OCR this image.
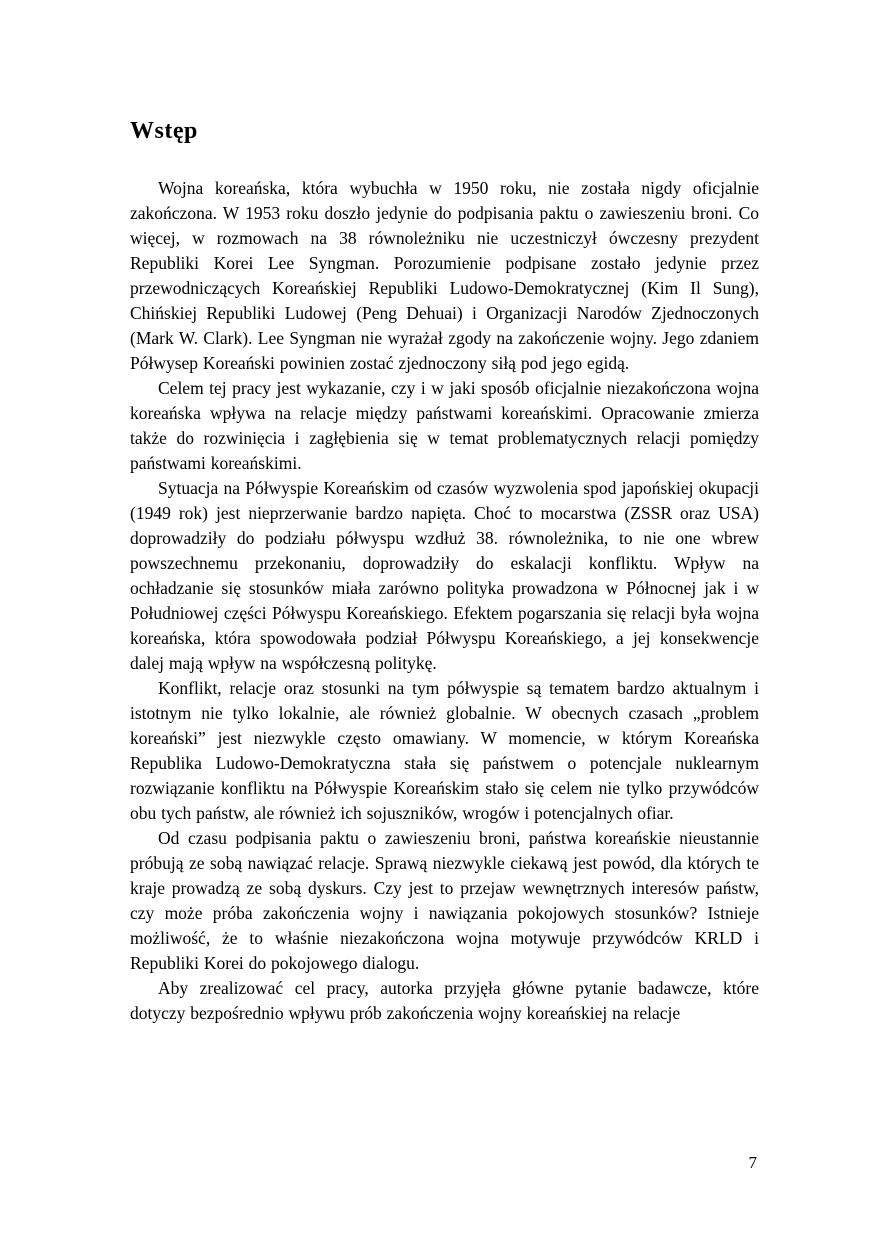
Wstęp

Wojna koreańska, która wybuchła w 1950 roku, nie została nigdy oficjalnie zakończona. W 1953 roku doszło jedynie do podpisania paktu o zawieszeniu broni. Co więcej, w rozmowach na 38 równoleżniku nie uczestniczył ówczesny prezydent Republiki Korei Lee Syngman. Porozumienie podpisane zostało jedynie przez przewodniczących Koreańskiej Republiki Ludowo-Demokratycznej (Kim Il Sung), Chińskiej Republiki Ludowej (Peng Dehuai) i Organizacji Narodów Zjednoczonych (Mark W. Clark). Lee Syngman nie wyrażał zgody na zakończenie wojny. Jego zdaniem Półwysep Koreański powinien zostać zjednoczony siłą pod jego egidą.

Celem tej pracy jest wykazanie, czy i w jaki sposób oficjalnie niezakończona wojna koreańska wpływa na relacje między państwami koreańskimi. Opracowanie zmierza także do rozwinięcia i zagłębienia się w temat problematycznych relacji pomiędzy państwami koreańskimi.

Sytuacja na Półwyspie Koreańskim od czasów wyzwolenia spod japońskiej okupacji (1949 rok) jest nieprzerwanie bardzo napięta. Choć to mocarstwa (ZSSR oraz USA) doprowadziły do podziału półwyspu wzdłuż 38. równoleżnika, to nie one wbrew powszechnemu przekonaniu, doprowadziły do eskalacji konfliktu. Wpływ na ochładzanie się stosunków miała zarówno polityka prowadzona w Północnej jak i w Południowej części Półwyspu Koreańskiego. Efektem pogarszania się relacji była wojna koreańska, która spowodowała podział Półwyspu Koreańskiego, a jej konsekwencje dalej mają wpływ na współczesną politykę.

Konflikt, relacje oraz stosunki na tym półwyspie są tematem bardzo aktualnym i istotnym nie tylko lokalnie, ale również globalnie. W obecnych czasach „problem koreański” jest niezwykle często omawiany. W momencie, w którym Koreańska Republika Ludowo-Demokratyczna stała się państwem o potencjale nuklearnym rozwiązanie konfliktu na Półwyspie Koreańskim stało się celem nie tylko przywódców obu tych państw, ale również ich sojuszników, wrogów i potencjalnych ofiar.

Od czasu podpisania paktu o zawieszeniu broni, państwa koreańskie nieustannie próbują ze sobą nawiązać relacje. Sprawą niezwykle ciekawą jest powód, dla których te kraje prowadzą ze sobą dyskurs. Czy jest to przejaw wewnętrznych interesów państw, czy może próba zakończenia wojny i nawiązania pokojowych stosunków? Istnieje możliwość, że to właśnie niezakończona wojna motywuje przywódców KRLD i Republiki Korei do pokojowego dialogu.

Aby zrealizować cel pracy, autorka przyjęła główne pytanie badawcze, które dotyczy bezpośrednio wpływu prób zakończenia wojny koreańskiej na relacje

7
